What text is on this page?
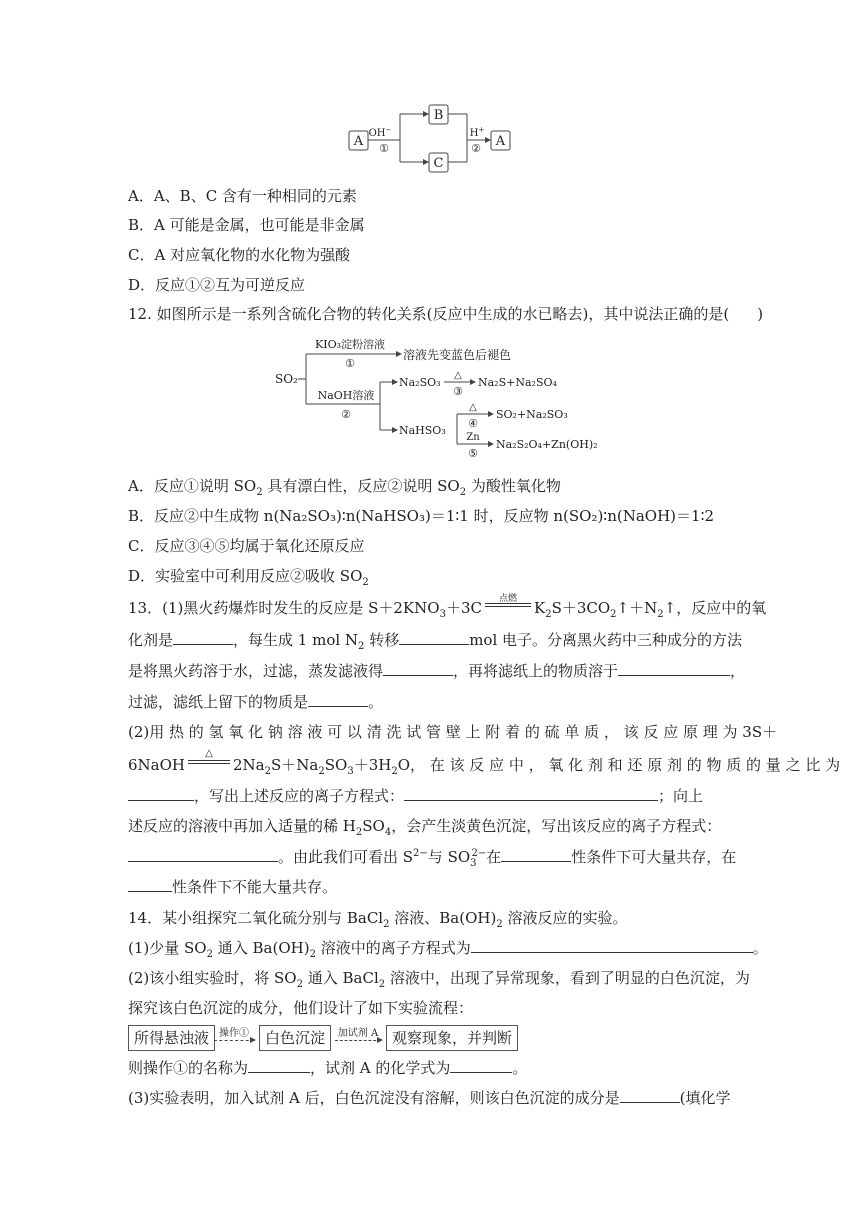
A
OH−
①
B
C
H+
② A
A．A、B、C 含有一种相同的元素
B．A 可能是金属，也可能是非金属
C．A 对应氧化物的水化物为强酸
D．反应①②互为可逆反应
12. 如图所示是一系列含硫化合物的转化关系(反应中生成的水已略去)，其中说法正确的是( )
SO₂
KIO₃淀粉溶液
①
溶液先变蓝色后褪色
NaOH溶液
②
Na₂SO₃
△
③
Na₂S+Na₂SO₄
NaHSO₃
△
④
SO₂+Na₂SO₃
Zn
⑤
Na₂S₂O₄+Zn(OH)₂
A．反应①说明 $SO_2$ 具有漂白性，反应②说明 $SO_2$ 为酸性氧化物
B．反应②中生成物 n(Na₂SO₃)∶n(NaHSO₃)＝1∶1 时，反应物 n(SO₂)∶n(NaOH)＝1∶2
C．反应③④⑤均属于氧化还原反应
D．实验室中可利用反应②吸收 $SO_2$
13．(1)黑火药爆炸时发生的反应是 $S+2KNO_3+3C$	点燃	$K_2S+3CO_2↑+N_2↑$，反应中的氧
化剂是	，每生成 1 mol $N_2$ 转移	mol 电子。分离黑火药中三种成分的方法
是将黑火药溶于水，过滤，蒸发滤液得	，再将滤纸上的物质溶于	，
过滤，滤纸上留下的物质是	。
(2)用 热 的 氢 氧 化 钠 溶 液 可 以 清 洗 试 管 壁 上 附 着 的 硫 单 质 ， 该 反 应 原 理 为 3S＋
6NaOH
△
$2Na_2S+Na_2SO_3+3H_2O$， 在 该 反 应 中 ， 氧 化 剂 和 还 原 剂 的 物 质 的 量 之 比 为
，写出上述反应的离子方程式：	；向上
述反应的溶液中再加入适量的稀 $H_2SO_4$，会产生淡黄色沉淀，写出该反应的离子方程式：
。由此我们可看出 $S^{2-}$与 $SO_3^{2-}$在	性条件下可大量共存，在
性条件下不能大量共存。
14．某小组探究二氧化硫分别与 BaCl$_2$ 溶液、$Ba(OH)_2$ 溶液反应的实验。
(1)少量 $SO_2$ 通入 $Ba(OH)_2$ 溶液中的离子方程式为	。
(2)该小组实验时，将 $SO_2$ 通入 BaCl$_2$ 溶液中，出现了异常现象，看到了明显的白色沉淀，为
探究该白色沉淀的成分，他们设计了如下实验流程：
所得悬浊液 操作①	白色沉淀	加试剂 A 观察现象，并判断
则操作①的名称为	，试剂 A 的化学式为	。
(3)实验表明，加入试剂 A 后，白色沉淀没有溶解，则该白色沉淀的成分是	(填化学
